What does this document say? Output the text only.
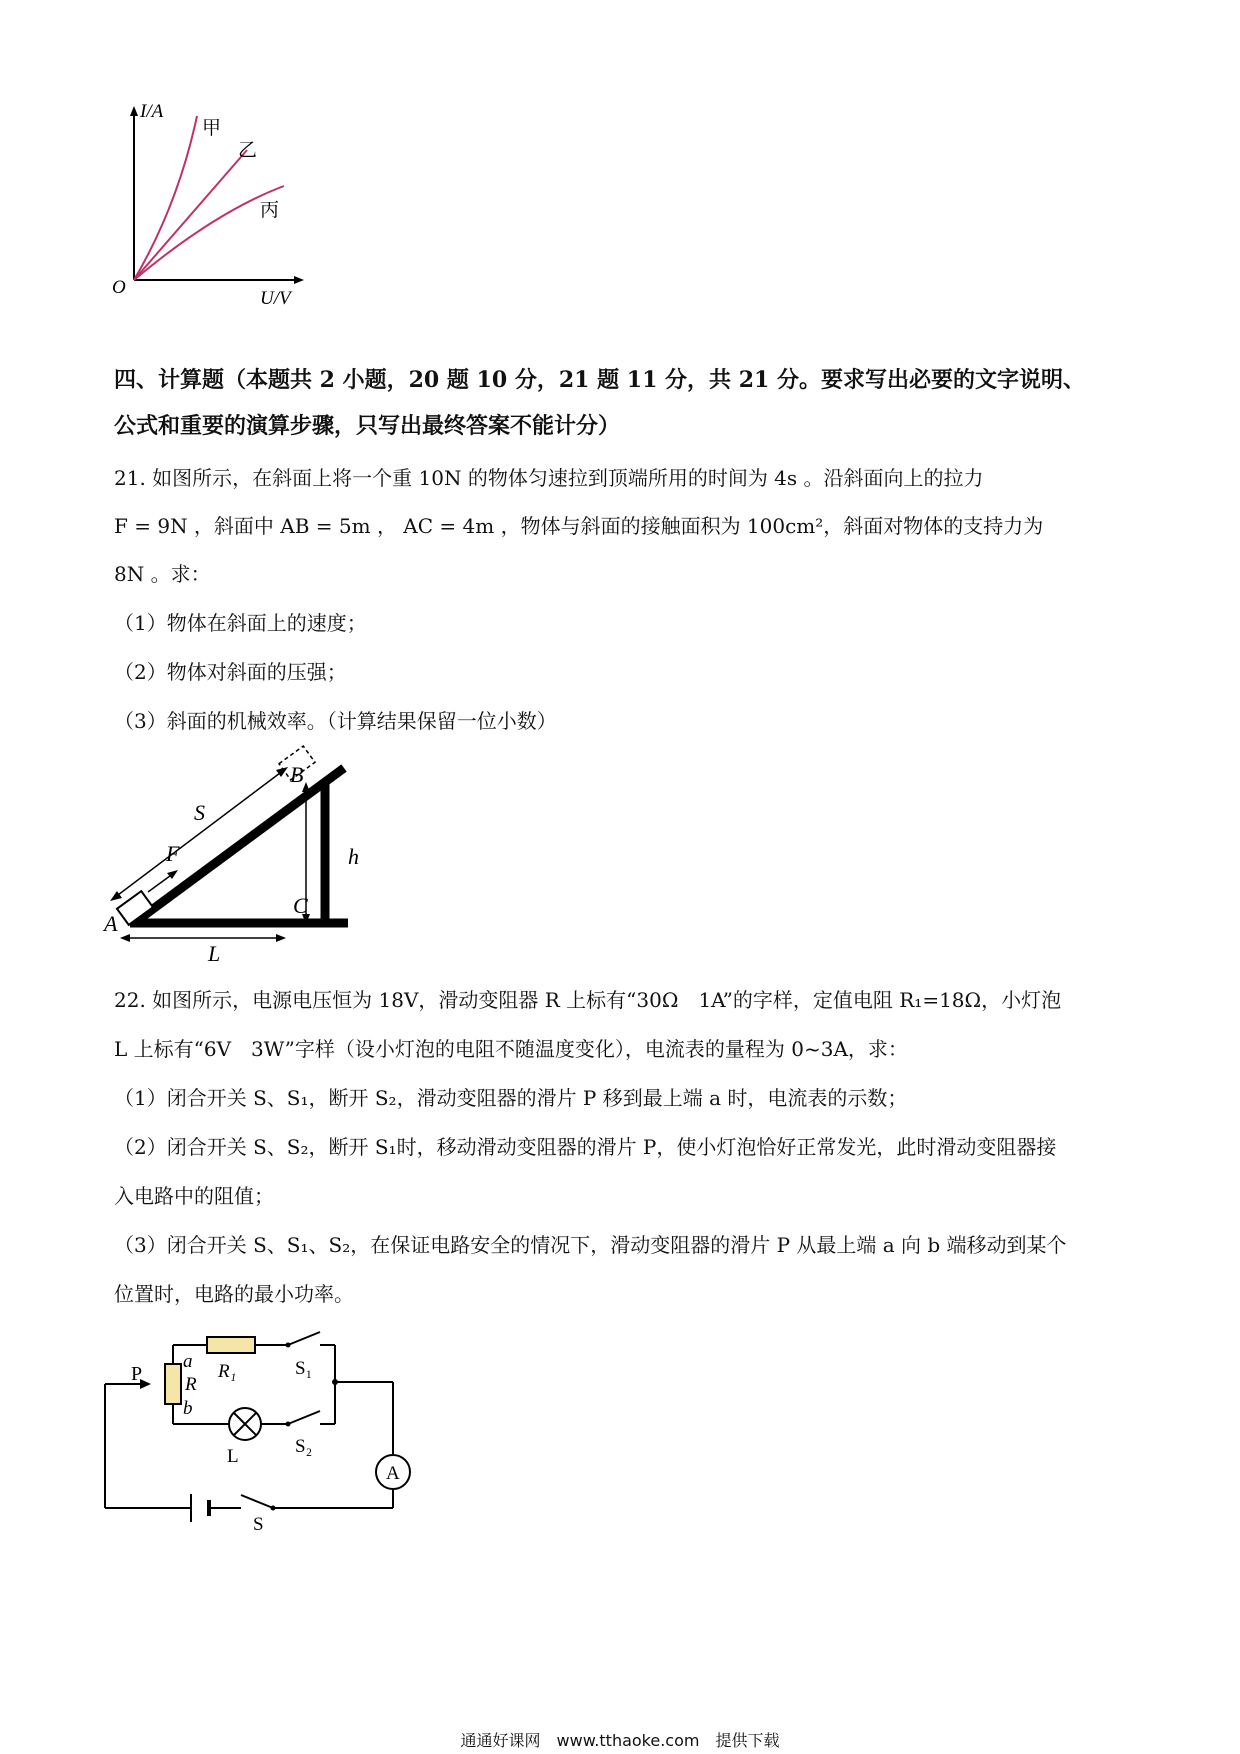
I/A
U/V
O
甲
乙
丙
四、计算题（本题共 2 小题，20 题 10 分，21 题 11 分，共 21 分。要求写出必要的文字说明、
公式和重要的演算步骤，只写出最终答案不能计分）
21. 如图所示，在斜面上将一个重 10N 的物体匀速拉到顶端所用的时间为 4s 。沿斜面向上的拉力
F = 9N ，斜面中 AB = 5m ， AC = 4m ，物体与斜面的接触面积为 100cm²，斜面对物体的支持力为
8N 。求：
（1）物体在斜面上的速度；
（2）物体对斜面的压强；
（3）斜面的机械效率。（计算结果保留一位小数）
S
F
A
B
C
h
L
22. 如图所示，电源电压恒为 18V，滑动变阻器 R 上标有“30Ω　1A”的字样，定值电阻 R₁=18Ω，小灯泡
L 上标有“6V　3W”字样（设小灯泡的电阻不随温度变化），电流表的量程为 0~3A，求：
（1）闭合开关 S、S₁，断开 S₂，滑动变阻器的滑片 P 移到最上端 a 时，电流表的示数；
（2）闭合开关 S、S₂，断开 S₁时，移动滑动变阻器的滑片 P，使小灯泡恰好正常发光，此时滑动变阻器接
入电路中的阻值；
（3）闭合开关 S、S₁、S₂，在保证电路安全的情况下，滑动变阻器的滑片 P 从最上端 a 向 b 端移动到某个
位置时，电路的最小功率。
P
a
R
b
R₁	S₁
L	S₂
A
S
通通好课网　www.tthaoke.com　提供下载
